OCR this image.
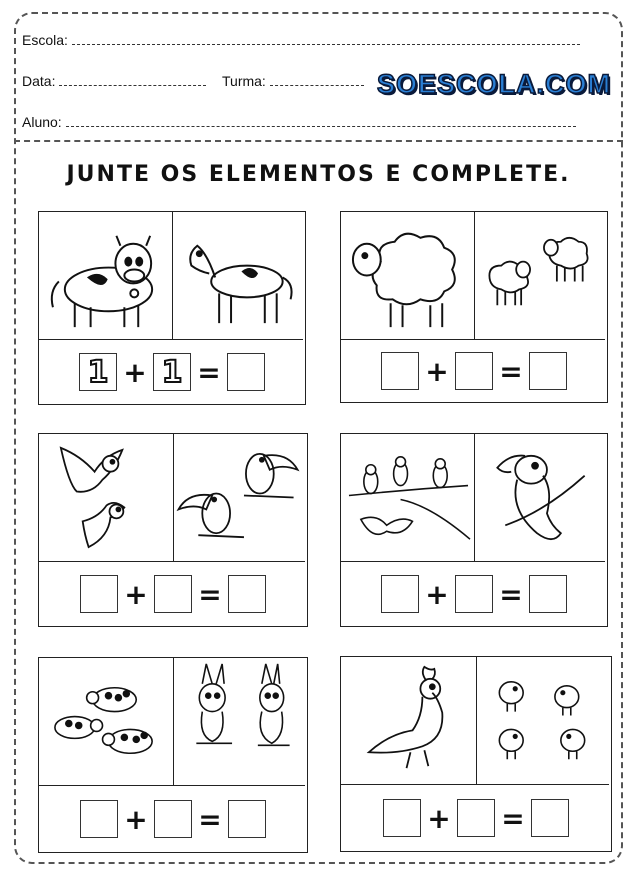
Escola:
Data:	Turma:
Aluno:
SOESCOLA.COM
JUNTE OS ELEMENTOS E COMPLETE.
1 + 1 =	+ =
+ =	+ =
+ =	+ =
